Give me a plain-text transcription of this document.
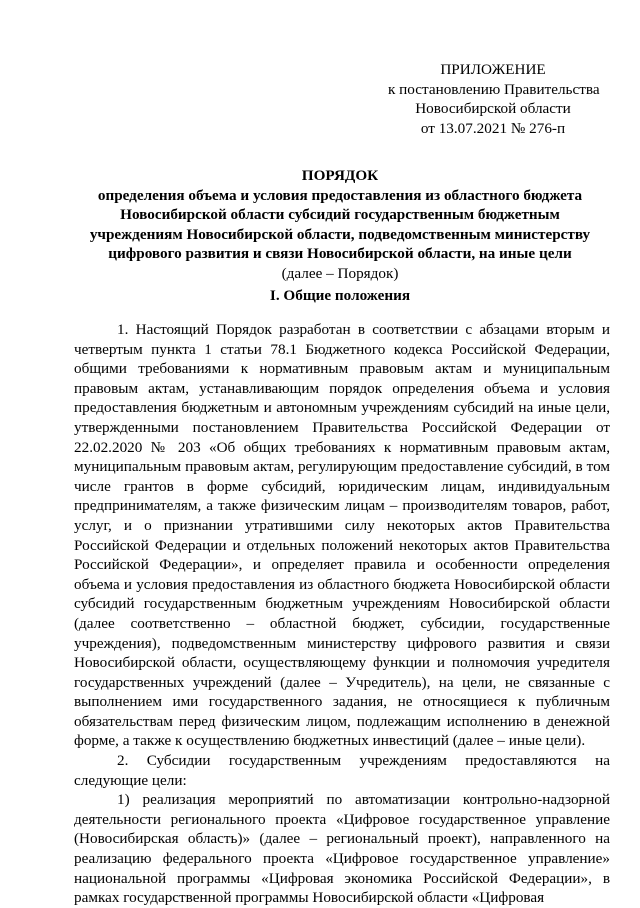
ПРИЛОЖЕНИЕ
к постановлению Правительства
Новосибирской области
от 13.07.2021 № 276-п
ПОРЯДОК
определения объема и условия предоставления из областного бюджета
Новосибирской области субсидий государственным бюджетным
учреждениям Новосибирской области, подведомственным министерству
цифрового развития и связи Новосибирской области, на иные цели
(далее – Порядок)
I. Общие положения

1. Настоящий Порядок разработан в соответствии с абзацами вторым и четвертым пункта 1 статьи 78.1 Бюджетного кодекса Российской Федерации, общими требованиями к нормативным правовым актам и муниципальным правовым актам, устанавливающим порядок определения объема и условия предоставления бюджетным и автономным учреждениям субсидий на иные цели, утвержденными постановлением Правительства Российской Федерации от 22.02.2020 № 203 «Об общих требованиях к нормативным правовым актам, муниципальным правовым актам, регулирующим предоставление субсидий, в том числе грантов в форме субсидий, юридическим лицам, индивидуальным предпринимателям, а также физическим лицам – производителям товаров, работ, услуг, и о признании утратившими силу некоторых актов Правительства Российской Федерации и отдельных положений некоторых актов Правительства Российской Федерации», и определяет правила и особенности определения объема и условия предоставления из областного бюджета Новосибирской области субсидий государственным бюджетным учреждениям Новосибирской области (далее соответственно – областной бюджет, субсидии, государственные учреждения), подведомственным министерству цифрового развития и связи Новосибирской области, осуществляющему функции и полномочия учредителя государственных учреждений (далее – Учредитель), на цели, не связанные с выполнением ими государственного задания, не относящиеся к публичным обязательствам перед физическим лицом, подлежащим исполнению в денежной форме, а также к осуществлению бюджетных инвестиций (далее – иные цели).

2. Субсидии государственным учреждениям предоставляются на следующие цели:

1) реализация мероприятий по автоматизации контрольно-надзорной деятельности регионального проекта «Цифровое государственное управление (Новосибирская область)» (далее – региональный проект), направленного на реализацию федерального проекта «Цифровое государственное управление» национальной программы «Цифровая экономика Российской Федерации», в рамках государственной программы Новосибирской области «Цифровая
